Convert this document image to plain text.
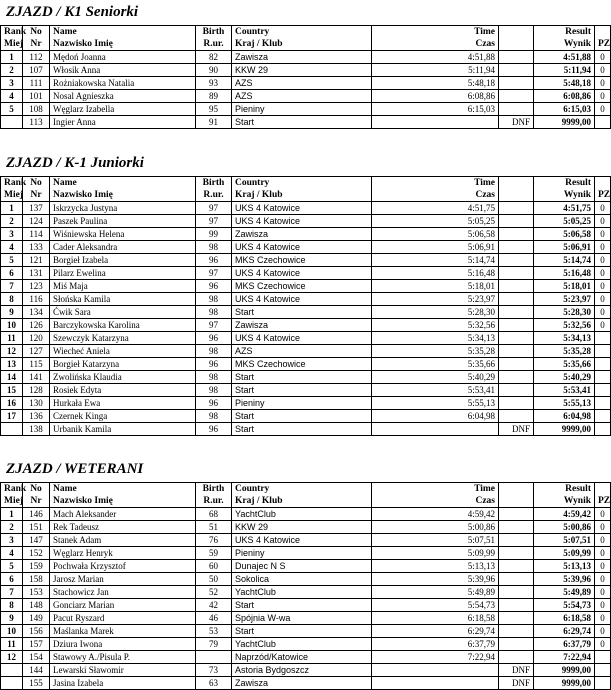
ZJAZD / K1 Seniorki
Rank	No	Name	Birth	Country	Time		Result	
Miej	Nr	Nazwisko Imię	R.ur.	Kraj / Klub	Czas		Wynik	PZ
1	112	Mędoń Joanna	82	Zawisza	4:51,88		4:51,88	0
2	107	Włosik Anna	90	KKW 29	5:11,94		5:11,94	0
3	111	Rożniakowska Natalia	93	AZS	5:48,18		5:48,18	0
4	101	Nosal Agnieszka	89	AZS	6:08,86		6:08,86	0
5	108	Węglarz Izabella	95	Pieniny	6:15,03		6:15,03	0
	113	Ingier Anna	91	Start		DNF	9999,00	
ZJAZD / K-1 Juniorki
Rank	No	Name	Birth	Country	Time		Result	
Miej	Nr	Nazwisko Imię	R.ur.	Kraj / Klub	Czas		Wynik	PZ
1	137	Iskrzycka Justyna	97	UKS 4 Katowice	4:51,75		4:51,75	0
2	124	Paszek Paulina	97	UKS 4 Katowice	5:05,25		5:05,25	0
3	114	Wiśniewska Helena	99	Zawisza	5:06,58		5:06,58	0
4	133	Cader Aleksandra	98	UKS 4 Katowice	5:06,91		5:06,91	0
5	121	Borgieł Izabela	96	MKS Czechowice	5:14,74		5:14,74	0
6	131	Pilarz Ewelina	97	UKS 4 Katowice	5:16,48		5:16,48	0
7	123	Miś Maja	96	MKS Czechowice	5:18,01		5:18,01	0
8	116	Słońska Kamila	98	UKS 4 Katowice	5:23,97		5:23,97	0
9	134	Ćwik Sara	98	Start	5:28,30		5:28,30	0
10	126	Barczykowska Karolina	97	Zawisza	5:32,56		5:32,56	0
11	120	Szewczyk Katarzyna	96	UKS 4 Katowice	5:34,13		5:34,13	
12	127	Wiecheć Aniela	98	AZS	5:35,28		5:35,28	
13	115	Borgieł Katarzyna	96	MKS Czechowice	5:35,66		5:35,66	
14	141	Zwolińska Klaudia	98	Start	5:40,29		5:40,29	
15	128	Rosiek Edyta	98	Start	5:53,41		5:53,41	
16	130	Hurkała Ewa	96	Pieniny	5:55,13		5:55,13	
17	136	Czernek Kinga	98	Start	6:04,98		6:04,98	
	138	Urbanik Kamila	96	Start		DNF	9999,00	
ZJAZD / WETERANI
Rank	No	Name	Birth	Country	Time		Result	
Miej	Nr	Nazwisko Imię	R.ur.	Kraj / Klub	Czas		Wynik	PZ
1	146	Mach Aleksander	68	YachtClub	4:59,42		4:59,42	0
2	151	Rek Tadeusz	51	KKW 29	5:00,86		5:00,86	0
3	147	Stanek Adam	76	UKS 4 Katowice	5:07,51		5:07,51	0
4	152	Węglarz Henryk	59	Pieniny	5:09,99		5:09,99	0
5	159	Pochwała Krzysztof	60	Dunajec N S	5:13,13		5:13,13	0
6	158	Jarosz Marian	50	Sokolica	5:39,96		5:39,96	0
7	153	Stachowicz Jan	52	YachtClub	5:49,89		5:49,89	0
8	148	Gonciarz Marian	42	Start	5:54,73		5:54,73	0
9	149	Pacut Ryszard	46	Spójnia W-wa	6:18,58		6:18,58	0
10	156	Maślanka Marek	53	Start	6:29,74		6:29,74	0
11	157	Dziura Iwona	79	YachtClub	6:37,79		6:37,79	0
12	154	Stawowy A./Pisula P.		Naprzód/Katowice	7:22,94		7:22,94	
	144	Lewarski Sławomir	73	Astoria Bydgoszcz		DNF	9999,00	
	155	Jasina Izabela	63	Zawisza		DNF	9999,00	
